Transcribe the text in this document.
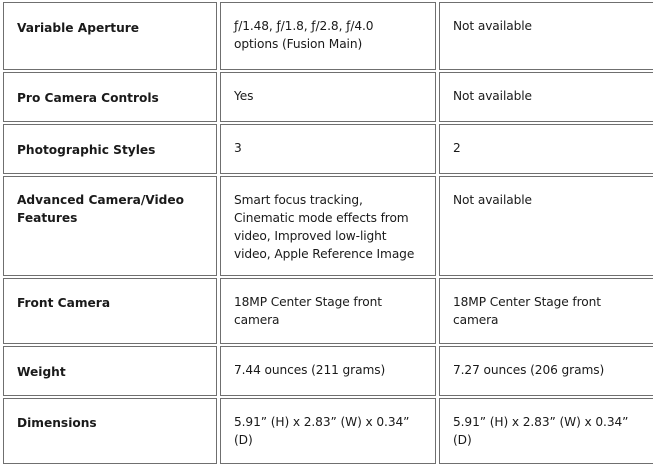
Variable Aperture	ƒ/1.48, ƒ/1.8, ƒ/2.8, ƒ/4.0 options (Fusion Main)	Not available
Pro Camera Controls	Yes	Not available
Photographic Styles	3	2
Advanced Camera/Video Features	Smart focus tracking, Cinematic mode effects from video, Improved low-light video, Apple Reference Image	Not available
Front Camera	18MP Center Stage front camera	18MP Center Stage front camera
Weight	7.44 ounces (211 grams)	7.27 ounces (206 grams)
Dimensions	5.91” (H) x 2.83” (W) x 0.34” (D)	5.91” (H) x 2.83” (W) x 0.34” (D)
